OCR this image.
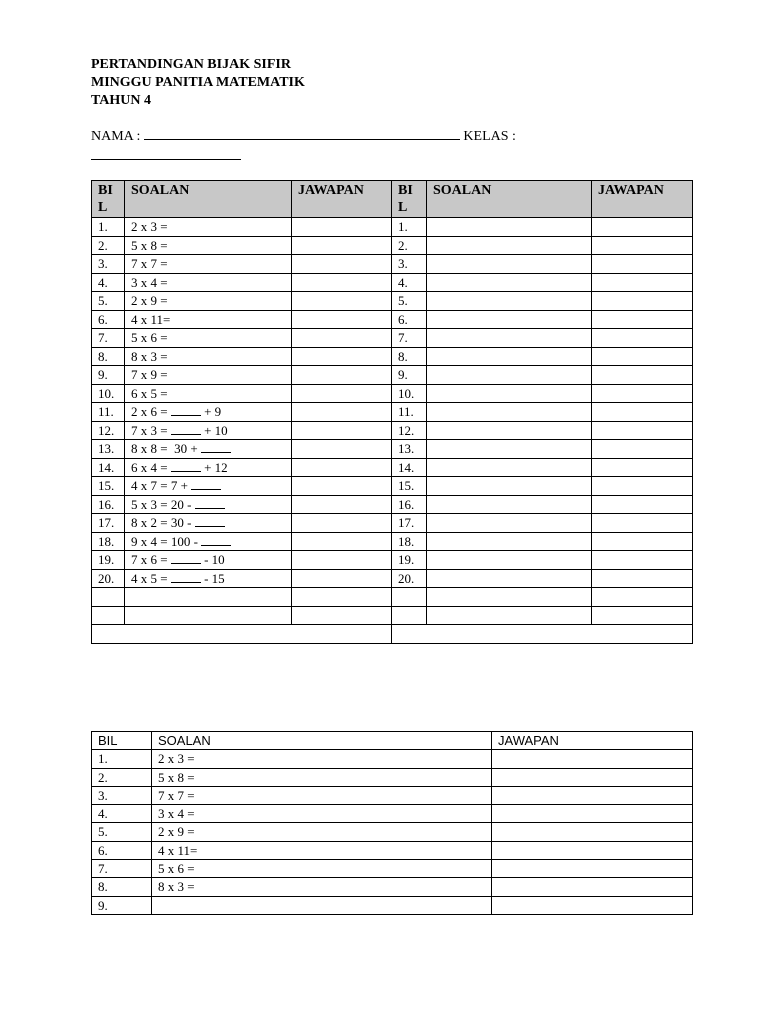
PERTANDINGAN BIJAK SIFIR
MINGGU PANITIA MATEMATIK
TAHUN 4
NAMA :	KELAS :
BI L	SOALAN	JAWAPAN	BI L	SOALAN	JAWAPAN
1.	2 x 3 =		1.		
2.	5 x 8 =		2.		
3.	7 x 7 =		3.		
4.	3 x 4 =		4.		
5.	2 x 9 =		5.		
6.	4 x 11=		6.		
7.	5 x 6 =		7.		
8.	8 x 3 =		8.		
9.	7 x 9 =		9.		
10.	6 x 5 =		10.		
11.	2 x 6 =  + 9		11.		
12.	7 x 3 =  + 10		12.		
13.	8 x 8 =  30 +		13.		
14.	6 x 4 =  + 12		14.		
15.	4 x 7 = 7 +		15.		
16.	5 x 3 = 20 -		16.		
17.	8 x 2 = 30 -		17.		
18.	9 x 4 = 100 -		18.		
19.	7 x 6 =  - 10		19.		
20.	4 x 5 =  - 15		20.		

BIL	SOALAN	JAWAPAN
1.	2 x 3 =	
2.	5 x 8 =	
3.	7 x 7 =	
4.	3 x 4 =	
5.	2 x 9 =	
6.	4 x 11=	
7.	5 x 6 =	
8.	8 x 3 =	
9.		
